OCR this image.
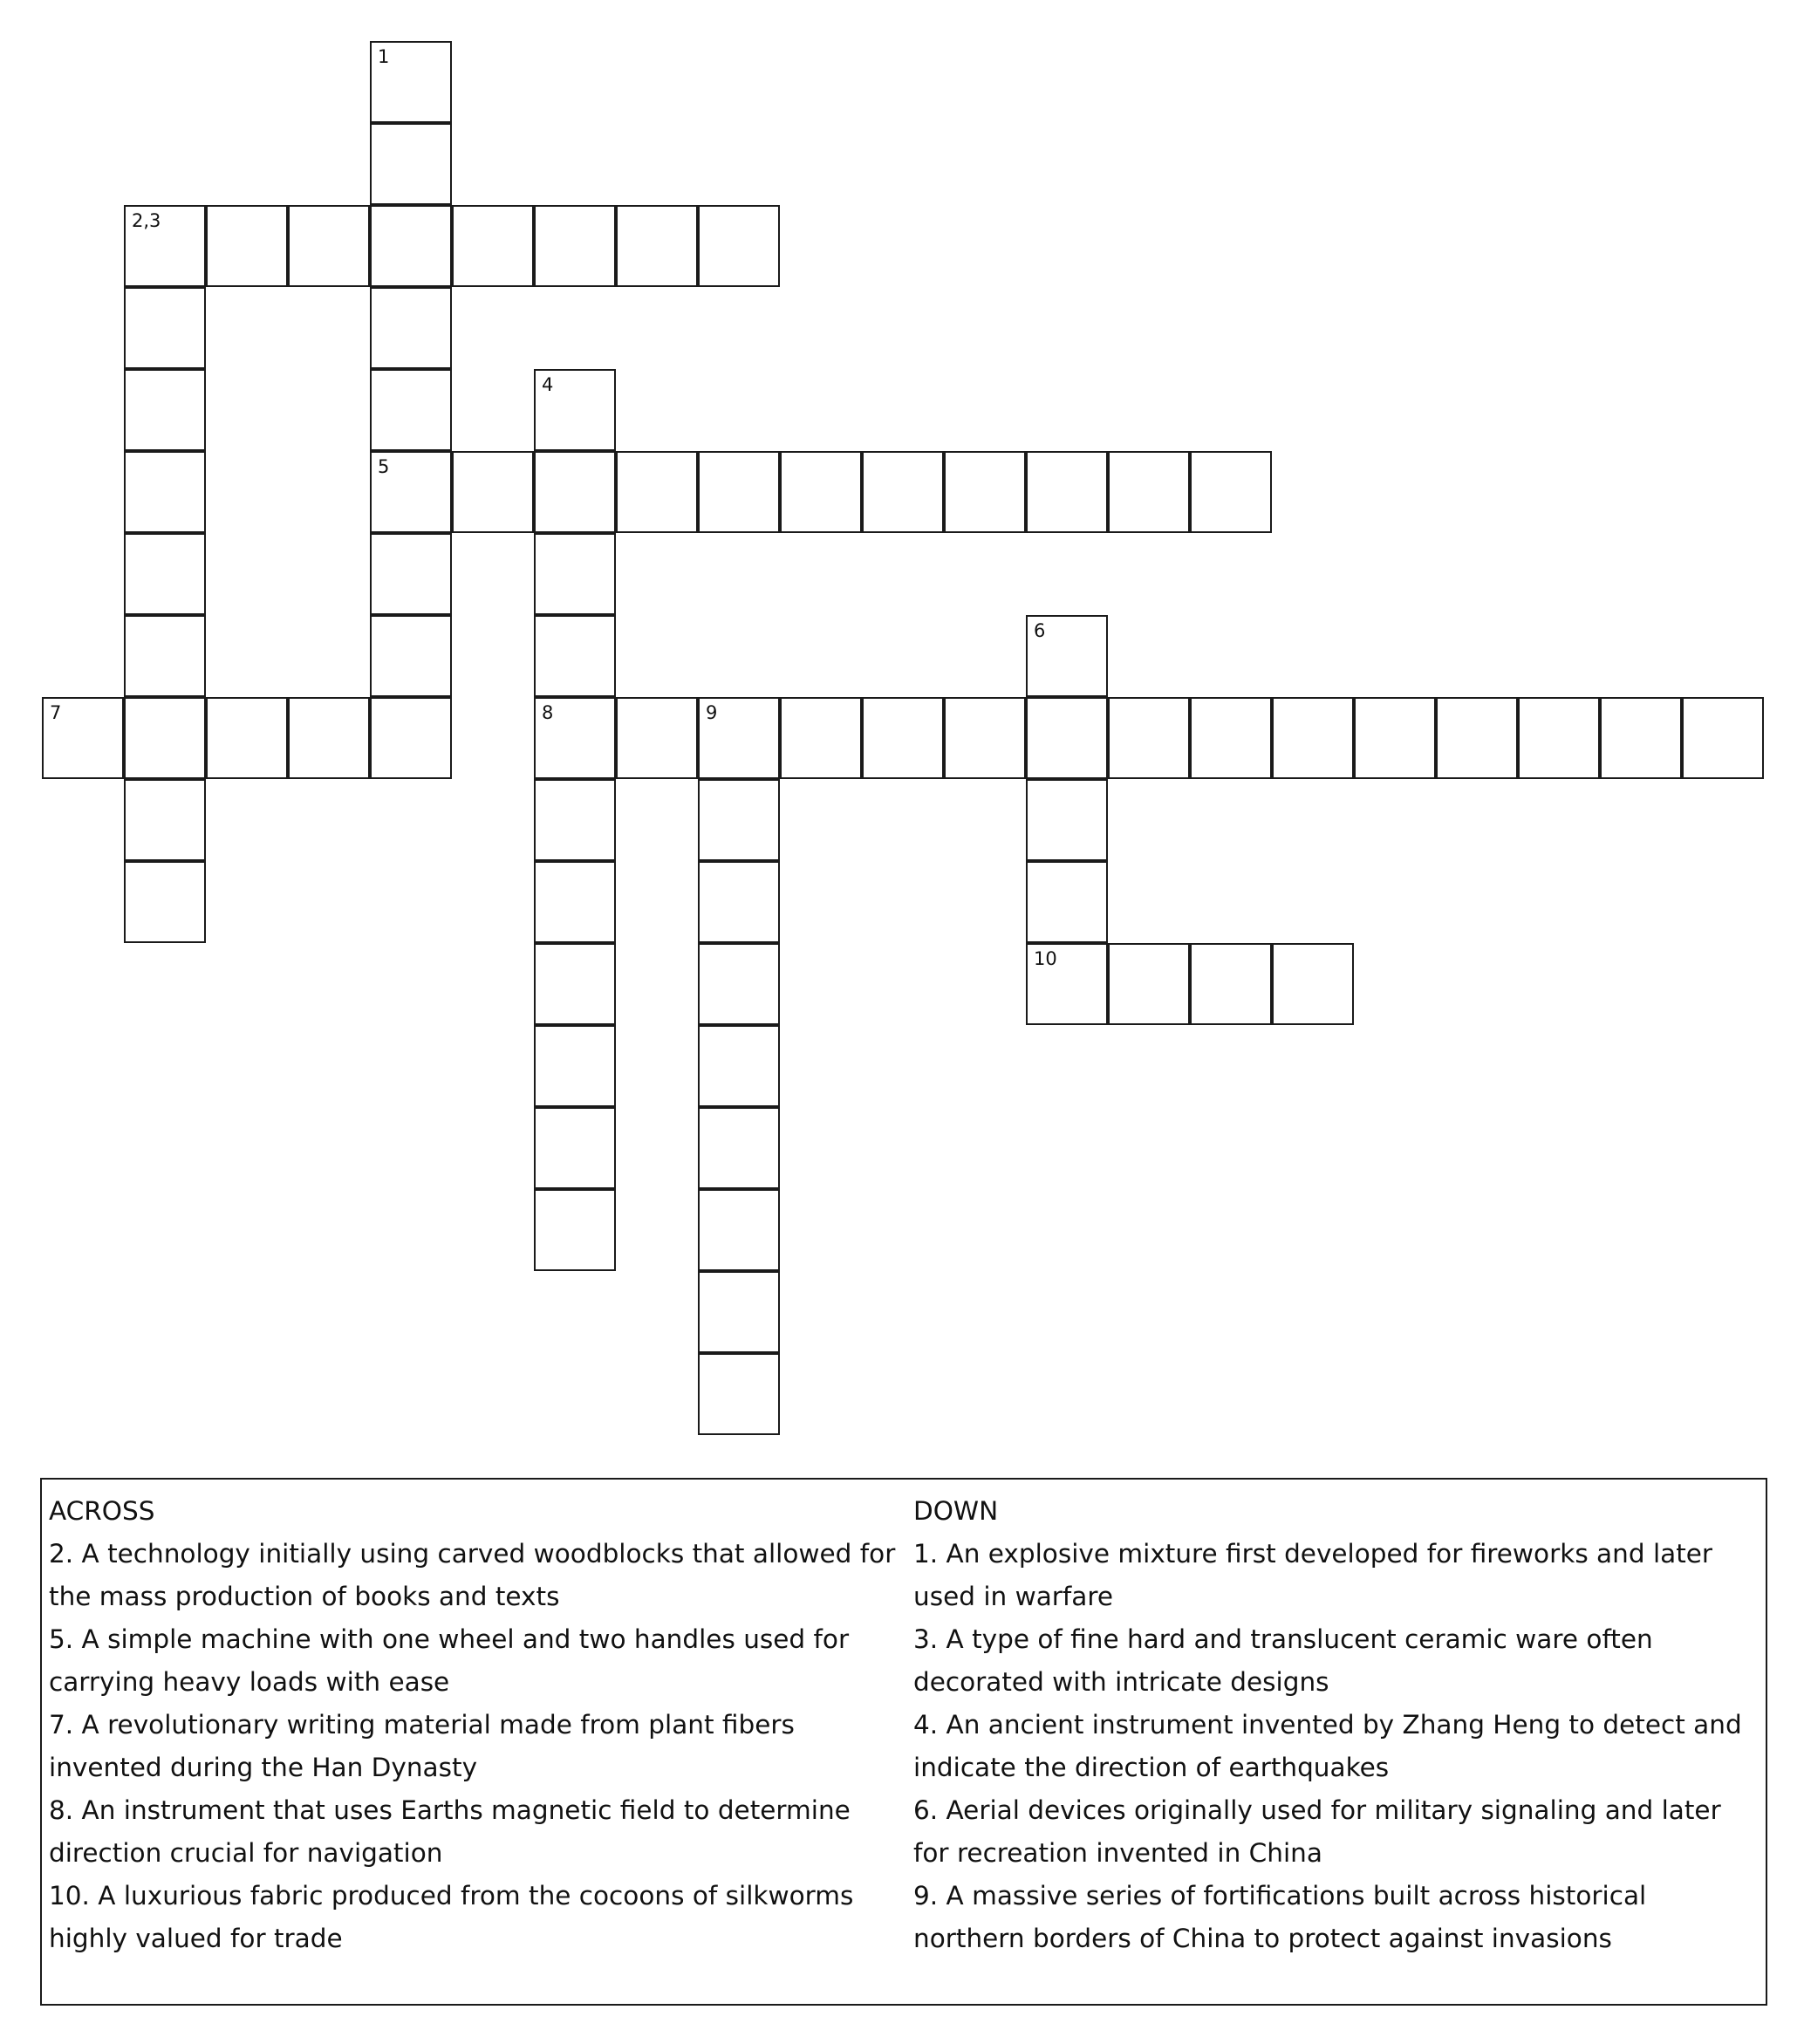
1
5
2,3
4
8
6
10
7	9
ACROSS
2. A technology initially using carved woodblocks that allowed for the mass production of books and texts
5. A simple machine with one wheel and two handles used for carrying heavy loads with ease
7. A revolutionary writing material made from plant fibers invented during the Han Dynasty
8. An instrument that uses Earths magnetic field to determine direction crucial for navigation
10. A luxurious fabric produced from the cocoons of silkworms highly valued for trade
DOWN
1. An explosive mixture first developed for fireworks and later used in warfare
3. A type of fine hard and translucent ceramic ware often decorated with intricate designs
4. An ancient instrument invented by Zhang Heng to detect and indicate the direction of earthquakes
6. Aerial devices originally used for military signaling and later for recreation invented in China
9. A massive series of fortifications built across historical northern borders of China to protect against invasions
